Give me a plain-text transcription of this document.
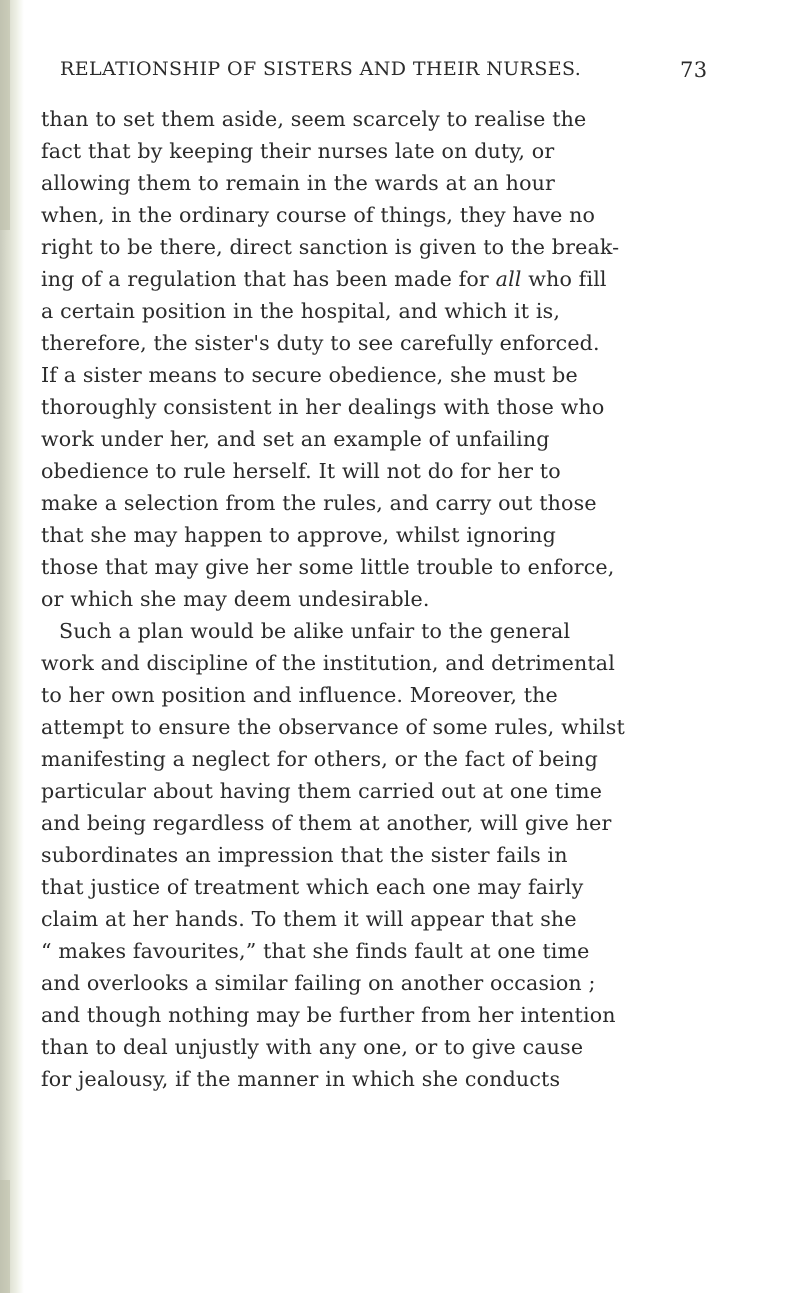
RELATIONSHIP OF SISTERS AND THEIR NURSES.	73
than to set them aside, seem scarcely to realise the
fact that by keeping their nurses late on duty, or
allowing them to remain in the wards at an hour
when, in the ordinary course of things, they have no
right to be there, direct sanction is given to the break-
ing of a regulation that has been made for all who fill
a certain position in the hospital, and which it is,
therefore, the sister's duty to see carefully enforced.
If a sister means to secure obedience, she must be
thoroughly consistent in her dealings with those who
work under her, and set an example of unfailing
obedience to rule herself. It will not do for her to
make a selection from the rules, and carry out those
that she may happen to approve, whilst ignoring
those that may give her some little trouble to enforce,
or which she may deem undesirable.
Such a plan would be alike unfair to the general
work and discipline of the institution, and detrimental
to her own position and influence. Moreover, the
attempt to ensure the observance of some rules, whilst
manifesting a neglect for others, or the fact of being
particular about having them carried out at one time
and being regardless of them at another, will give her
subordinates an impression that the sister fails in
that justice of treatment which each one may fairly
claim at her hands. To them it will appear that she
“ makes favourites,” that she finds fault at one time
and overlooks a similar failing on another occasion ;
and though nothing may be further from her intention
than to deal unjustly with any one, or to give cause
for jealousy, if the manner in which she conducts
